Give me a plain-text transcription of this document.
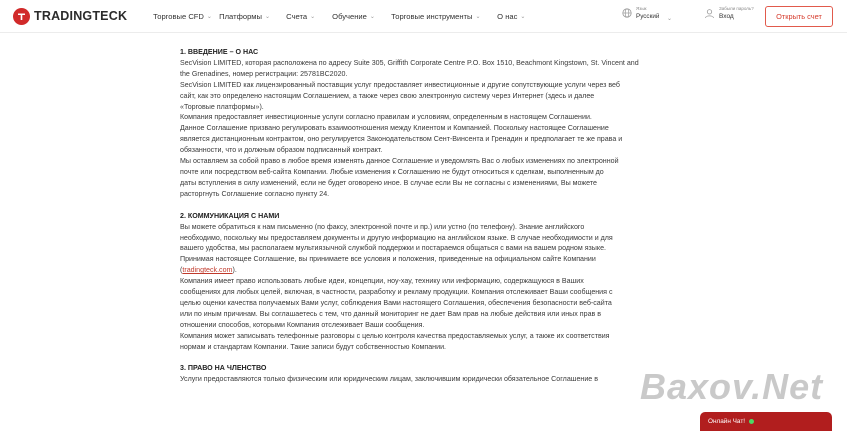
TRADINGTECK	Торговые CFD ⌄ Платформы ⌄ Счета ⌄ Обучение ⌄ Торговые инструменты ⌄ О нас ⌄
Язык
Русский ⌄
Забыли пароль?
Вход	Открыть счет
1. ВВЕДЕНИЕ – О НАС
SecVision LIMITED, которая расположена по адресу Suite 305, Griffith Corporate Centre P.O. Box 1510, Beachmont Kingstown, St. Vincent and
the Grenadines, номер регистрации: 25781BC2020.
SecVision LIMITED как лицензированный поставщик услуг предоставляет инвестиционные и другие сопутствующие услуги через веб
сайт, как это определено настоящим Соглашением, а также через свою электронную систему через Интернет (здесь и далее
«Торговые платформы»).
Компания предоставляет инвестиционные услуги согласно правилам и условиям, определенным в настоящем Соглашении.
Данное Соглашение призвано регулировать взаимоотношения между Клиентом и Компанией. Поскольку настоящее Соглашение
является дистанционным контрактом, оно регулируется Законодательством Сент-Винсента и Гренадин и предполагает те же права и
обязанности, что и должным образом подписанный контракт.
Мы оставляем за собой право в любое время изменять данное Соглашение и уведомлять Вас о любых изменениях по электронной
почте или посредством веб-сайта Компании. Любые изменения к Соглашению не будут относиться к сделкам, выполненным до
даты вступления в силу изменений, если не будет оговорено иное. В случае если Вы не согласны с изменениями, Вы можете
расторгнуть Соглашение согласно пункту 24.
2. КОММУНИКАЦИЯ С НАМИ
Вы можете обратиться к нам письменно (по факсу, электронной почте и пр.) или устно (по телефону). Знание английского
необходимо, поскольку мы предоставляем документы и другую информацию на английском языке. В случае необходимости и для
вашего удобства, мы располагаем мультиязычной службой поддержки и постараемся общаться с вами на вашем родном языке.
Принимая настоящее Соглашение, вы принимаете все условия и положения, приведенные на официальном сайте Компании
(tradingteck.com).
Компания имеет право использовать любые идеи, концепции, ноу-хау, технику или информацию, содержащуюся в Ваших
сообщениях для любых целей, включая, в частности, разработку и рекламу продукции. Компания отслеживает Ваши сообщения с
целью оценки качества получаемых Вами услуг, соблюдения Вами настоящего Соглашения, обеспечения безопасности веб-сайта
или по иным причинам. Вы соглашаетесь с тем, что данный мониторинг не дает Вам прав на любые действия или иных прав в
отношении способов, которыми Компания отслеживает Ваши сообщения.
Компания может записывать телефонные разговоры с целью контроля качества предоставляемых услуг, а также их соответствия
нормам и стандартам Компании. Такие записи будут собственностью Компании.
3. ПРАВО НА ЧЛЕНСТВО
Услуги предоставляются только физическим или юридическим лицам, заключившим юридически обязательное Соглашение в	Baxov.Net
Онлайн Чат!
